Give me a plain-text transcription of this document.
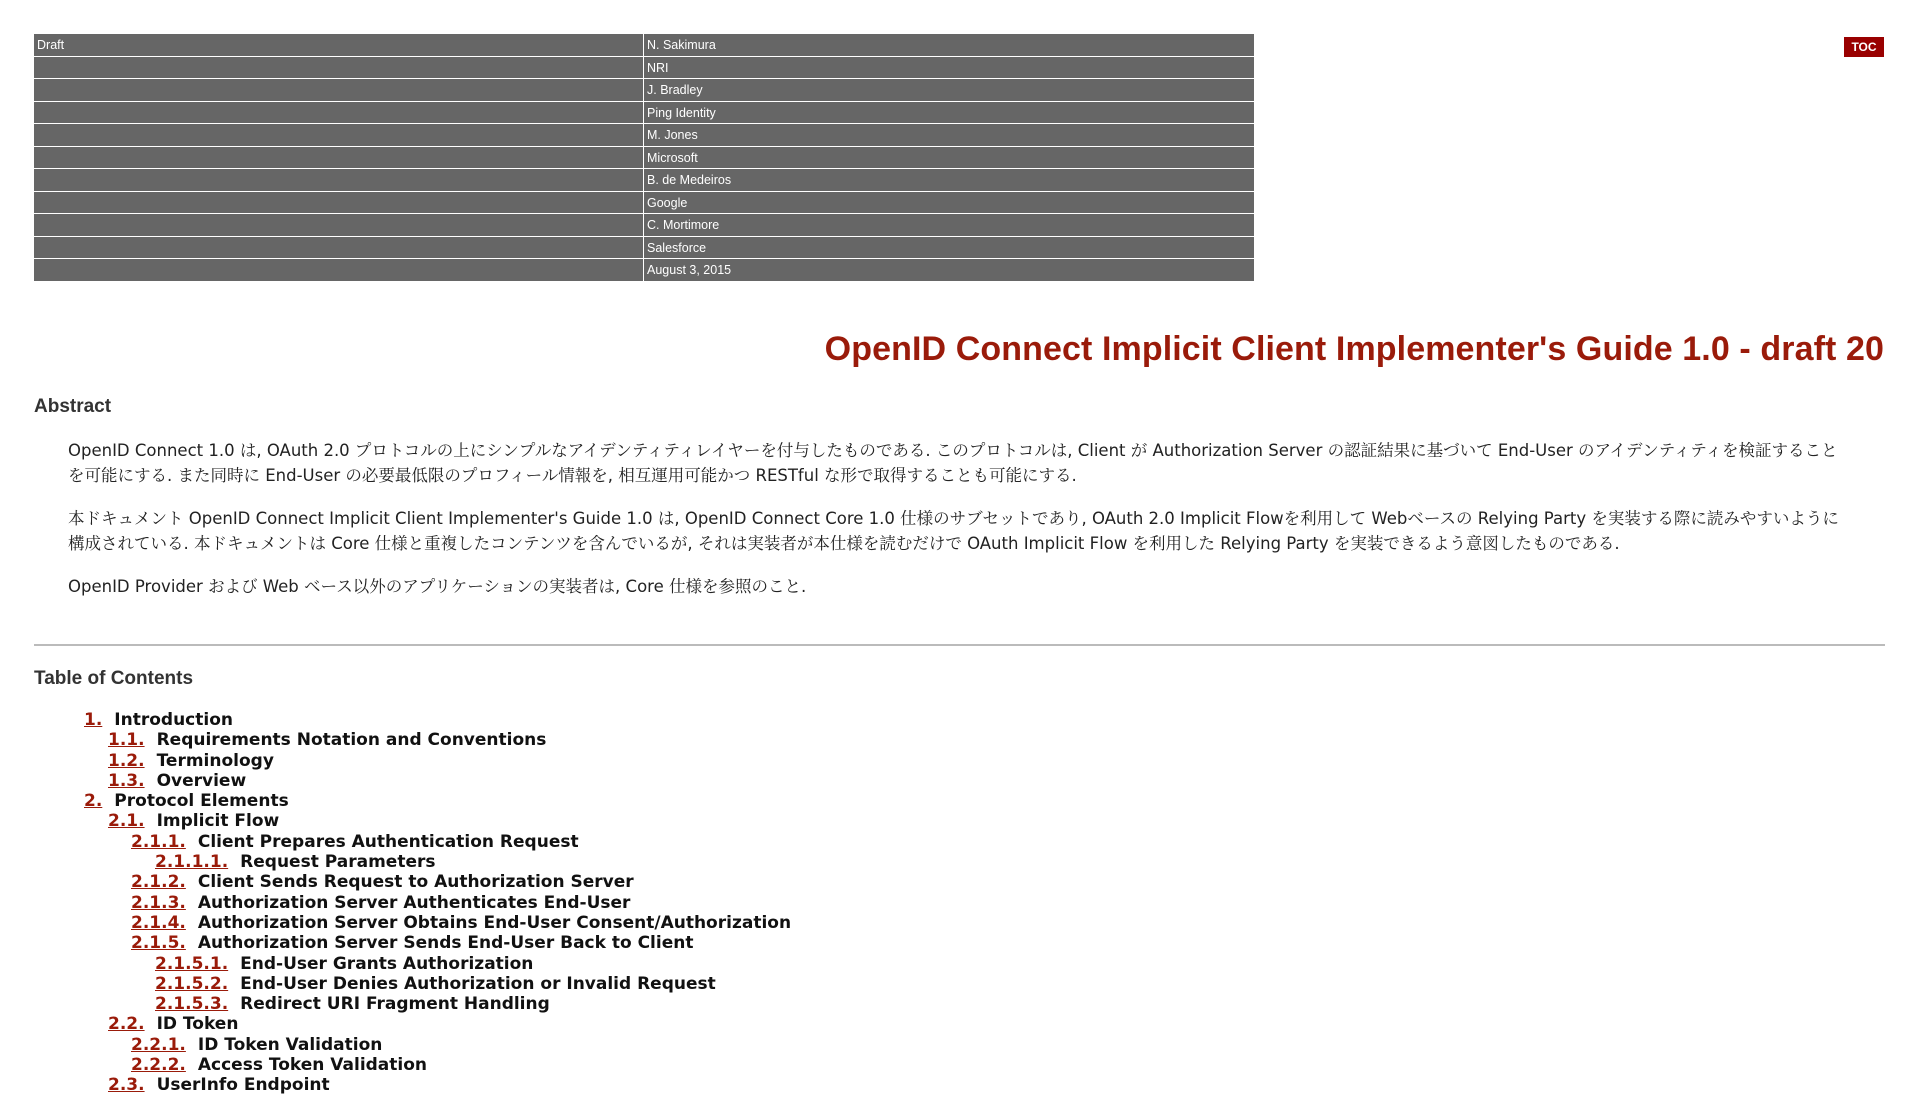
Draft	N. Sakimura
NRI
J. Bradley
Ping Identity
M. Jones
Microsoft
B. de Medeiros
Google
C. Mortimore
Salesforce
August 3, 2015
TOC
OpenID Connect Implicit Client Implementer's Guide 1.0 - draft 20
Abstract

OpenID Connect 1.0 は, OAuth 2.0 プロトコルの上にシンプルなアイデンティティレイヤーを付与したものである. このプロトコルは, Client が Authorization Server の認証結果に基づいて End-User のアイデンティティを検証することを可能にする. また同時に End-User の必要最低限のプロフィール情報を, 相互運用可能かつ RESTful な形で取得することも可能にする.

本ドキュメント OpenID Connect Implicit Client Implementer's Guide 1.0 は, OpenID Connect Core 1.0 仕様のサブセットであり, OAuth 2.0 Implicit Flowを利用して Webベースの Relying Party を実装する際に読みやすいように構成されている. 本ドキュメントは Core 仕様と重複したコンテンツを含んでいるが, それは実装者が本仕様を読むだけで OAuth Implicit Flow を利用した Relying Party を実装できるよう意図したものである.

OpenID Provider および Web ベース以外のアプリケーションの実装者は, Core 仕様を参照のこと.

Table of Contents
1. Introduction
1.1. Requirements Notation and Conventions
1.2. Terminology
1.3. Overview
2. Protocol Elements
2.1. Implicit Flow
2.1.1. Client Prepares Authentication Request
2.1.1.1. Request Parameters
2.1.2. Client Sends Request to Authorization Server
2.1.3. Authorization Server Authenticates End-User
2.1.4. Authorization Server Obtains End-User Consent/Authorization
2.1.5. Authorization Server Sends End-User Back to Client
2.1.5.1. End-User Grants Authorization
2.1.5.2. End-User Denies Authorization or Invalid Request
2.1.5.3. Redirect URI Fragment Handling
2.2. ID Token
2.2.1. ID Token Validation
2.2.2. Access Token Validation
2.3. UserInfo Endpoint
